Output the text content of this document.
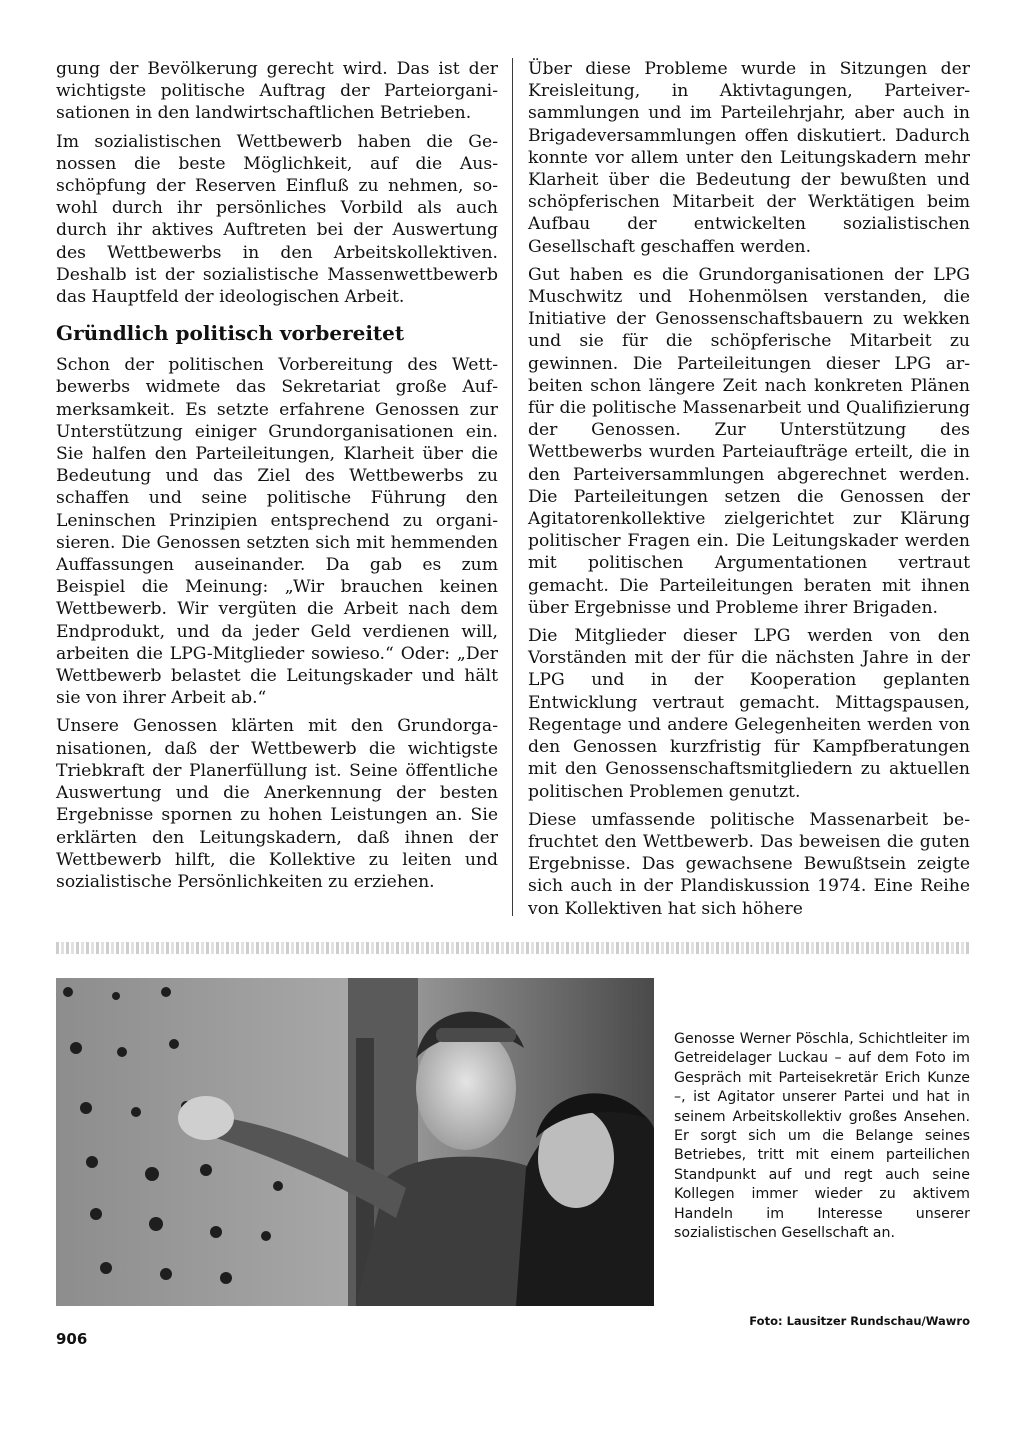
gung der Bevölkerung gerecht wird. Das ist der wichtigste politische Auftrag der Parteiorganisationen in den landwirtschaftlichen Betrieben.

Im sozialistischen Wettbewerb haben die Genossen die beste Möglichkeit, auf die Ausschöpfung der Reserven Einfluß zu nehmen, sowohl durch ihr persönliches Vorbild als auch durch ihr aktives Auftreten bei der Auswertung des Wettbewerbs in den Arbeitskollektiven. Deshalb ist der sozialistische Massenwettbewerb das Hauptfeld der ideologischen Arbeit.

Gründlich politisch vorbereitet

Schon der politischen Vorbereitung des Wettbewerbs widmete das Sekretariat große Aufmerksamkeit. Es setzte erfahrene Genossen zur Unterstützung einiger Grundorganisationen ein. Sie halfen den Parteileitungen, Klarheit über die Bedeutung und das Ziel des Wettbewerbs zu schaffen und seine politische Führung den Leninschen Prinzipien entsprechend zu organisieren. Die Genossen setzten sich mit hemmenden Auffassungen auseinander. Da gab es zum Beispiel die Meinung: „Wir brauchen keinen Wettbewerb. Wir vergüten die Arbeit nach dem Endprodukt, und da jeder Geld verdienen will, arbeiten die LPG-Mitglieder sowieso.“ Oder: „Der Wettbewerb belastet die Leitungskader und hält sie von ihrer Arbeit ab.“

Unsere Genossen klärten mit den Grundorganisationen, daß der Wettbewerb die wichtigste Triebkraft der Planerfüllung ist. Seine öffentliche Auswertung und die Anerkennung der besten Ergebnisse spornen zu hohen Leistungen an. Sie erklärten den Leitungskadern, daß ihnen der Wettbewerb hilft, die Kollektive zu leiten und sozialistische Persönlichkeiten zu erziehen.

Über diese Probleme wurde in Sitzungen der Kreisleitung, in Aktivtagungen, Parteiversammlungen und im Parteilehrjahr, aber auch in Brigadeversammlungen offen diskutiert. Dadurch konnte vor allem unter den Leitungskadern mehr Klarheit über die Bedeutung der bewußten und schöpferischen Mitarbeit der Werktätigen beim Aufbau der entwickelten sozialistischen Gesellschaft geschaffen werden.

Gut haben es die Grundorganisationen der LPG Muschwitz und Hohenmölsen verstanden, die Initiative der Genossenschaftsbauern zu wekken und sie für die schöpferische Mitarbeit zu gewinnen. Die Parteileitungen dieser LPG arbeiten schon längere Zeit nach konkreten Plänen für die politische Massenarbeit und Qualifizierung der Genossen. Zur Unterstützung des Wettbewerbs wurden Parteiaufträge erteilt, die in den Parteiversammlungen abgerechnet werden. Die Parteileitungen setzen die Genossen der Agitatorenkollektive zielgerichtet zur Klärung politischer Fragen ein. Die Leitungskader werden mit politischen Argumentationen vertraut gemacht. Die Parteileitungen beraten mit ihnen über Ergebnisse und Probleme ihrer Brigaden.

Die Mitglieder dieser LPG werden von den Vorständen mit der für die nächsten Jahre in der LPG und in der Kooperation geplanten Entwicklung vertraut gemacht. Mittagspausen, Regentage und andere Gelegenheiten werden von den Genossen kurzfristig für Kampfberatungen mit den Genossenschaftsmitgliedern zu aktuellen politischen Problemen genutzt.

Diese umfassende politische Massenarbeit befruchtet den Wettbewerb. Das beweisen die guten Ergebnisse. Das gewachsene Bewußtsein zeigte sich auch in der Plandiskussion 1974. Eine Reihe von Kollektiven hat sich höhere

Genosse Werner Pöschla, Schichtleiter im Getreidelager Luckau – auf dem Foto im Gespräch mit Parteisekretär Erich Kunze –, ist Agitator unserer Partei und hat in seinem Arbeitskollektiv großes Ansehen. Er sorgt sich um die Belange seines Betriebes, tritt mit einem parteilichen Standpunkt auf und regt auch seine Kollegen immer wieder zu aktivem Handeln im Interesse unserer sozialistischen Gesellschaft an.

Foto: Lausitzer Rundschau/Wawro
906
